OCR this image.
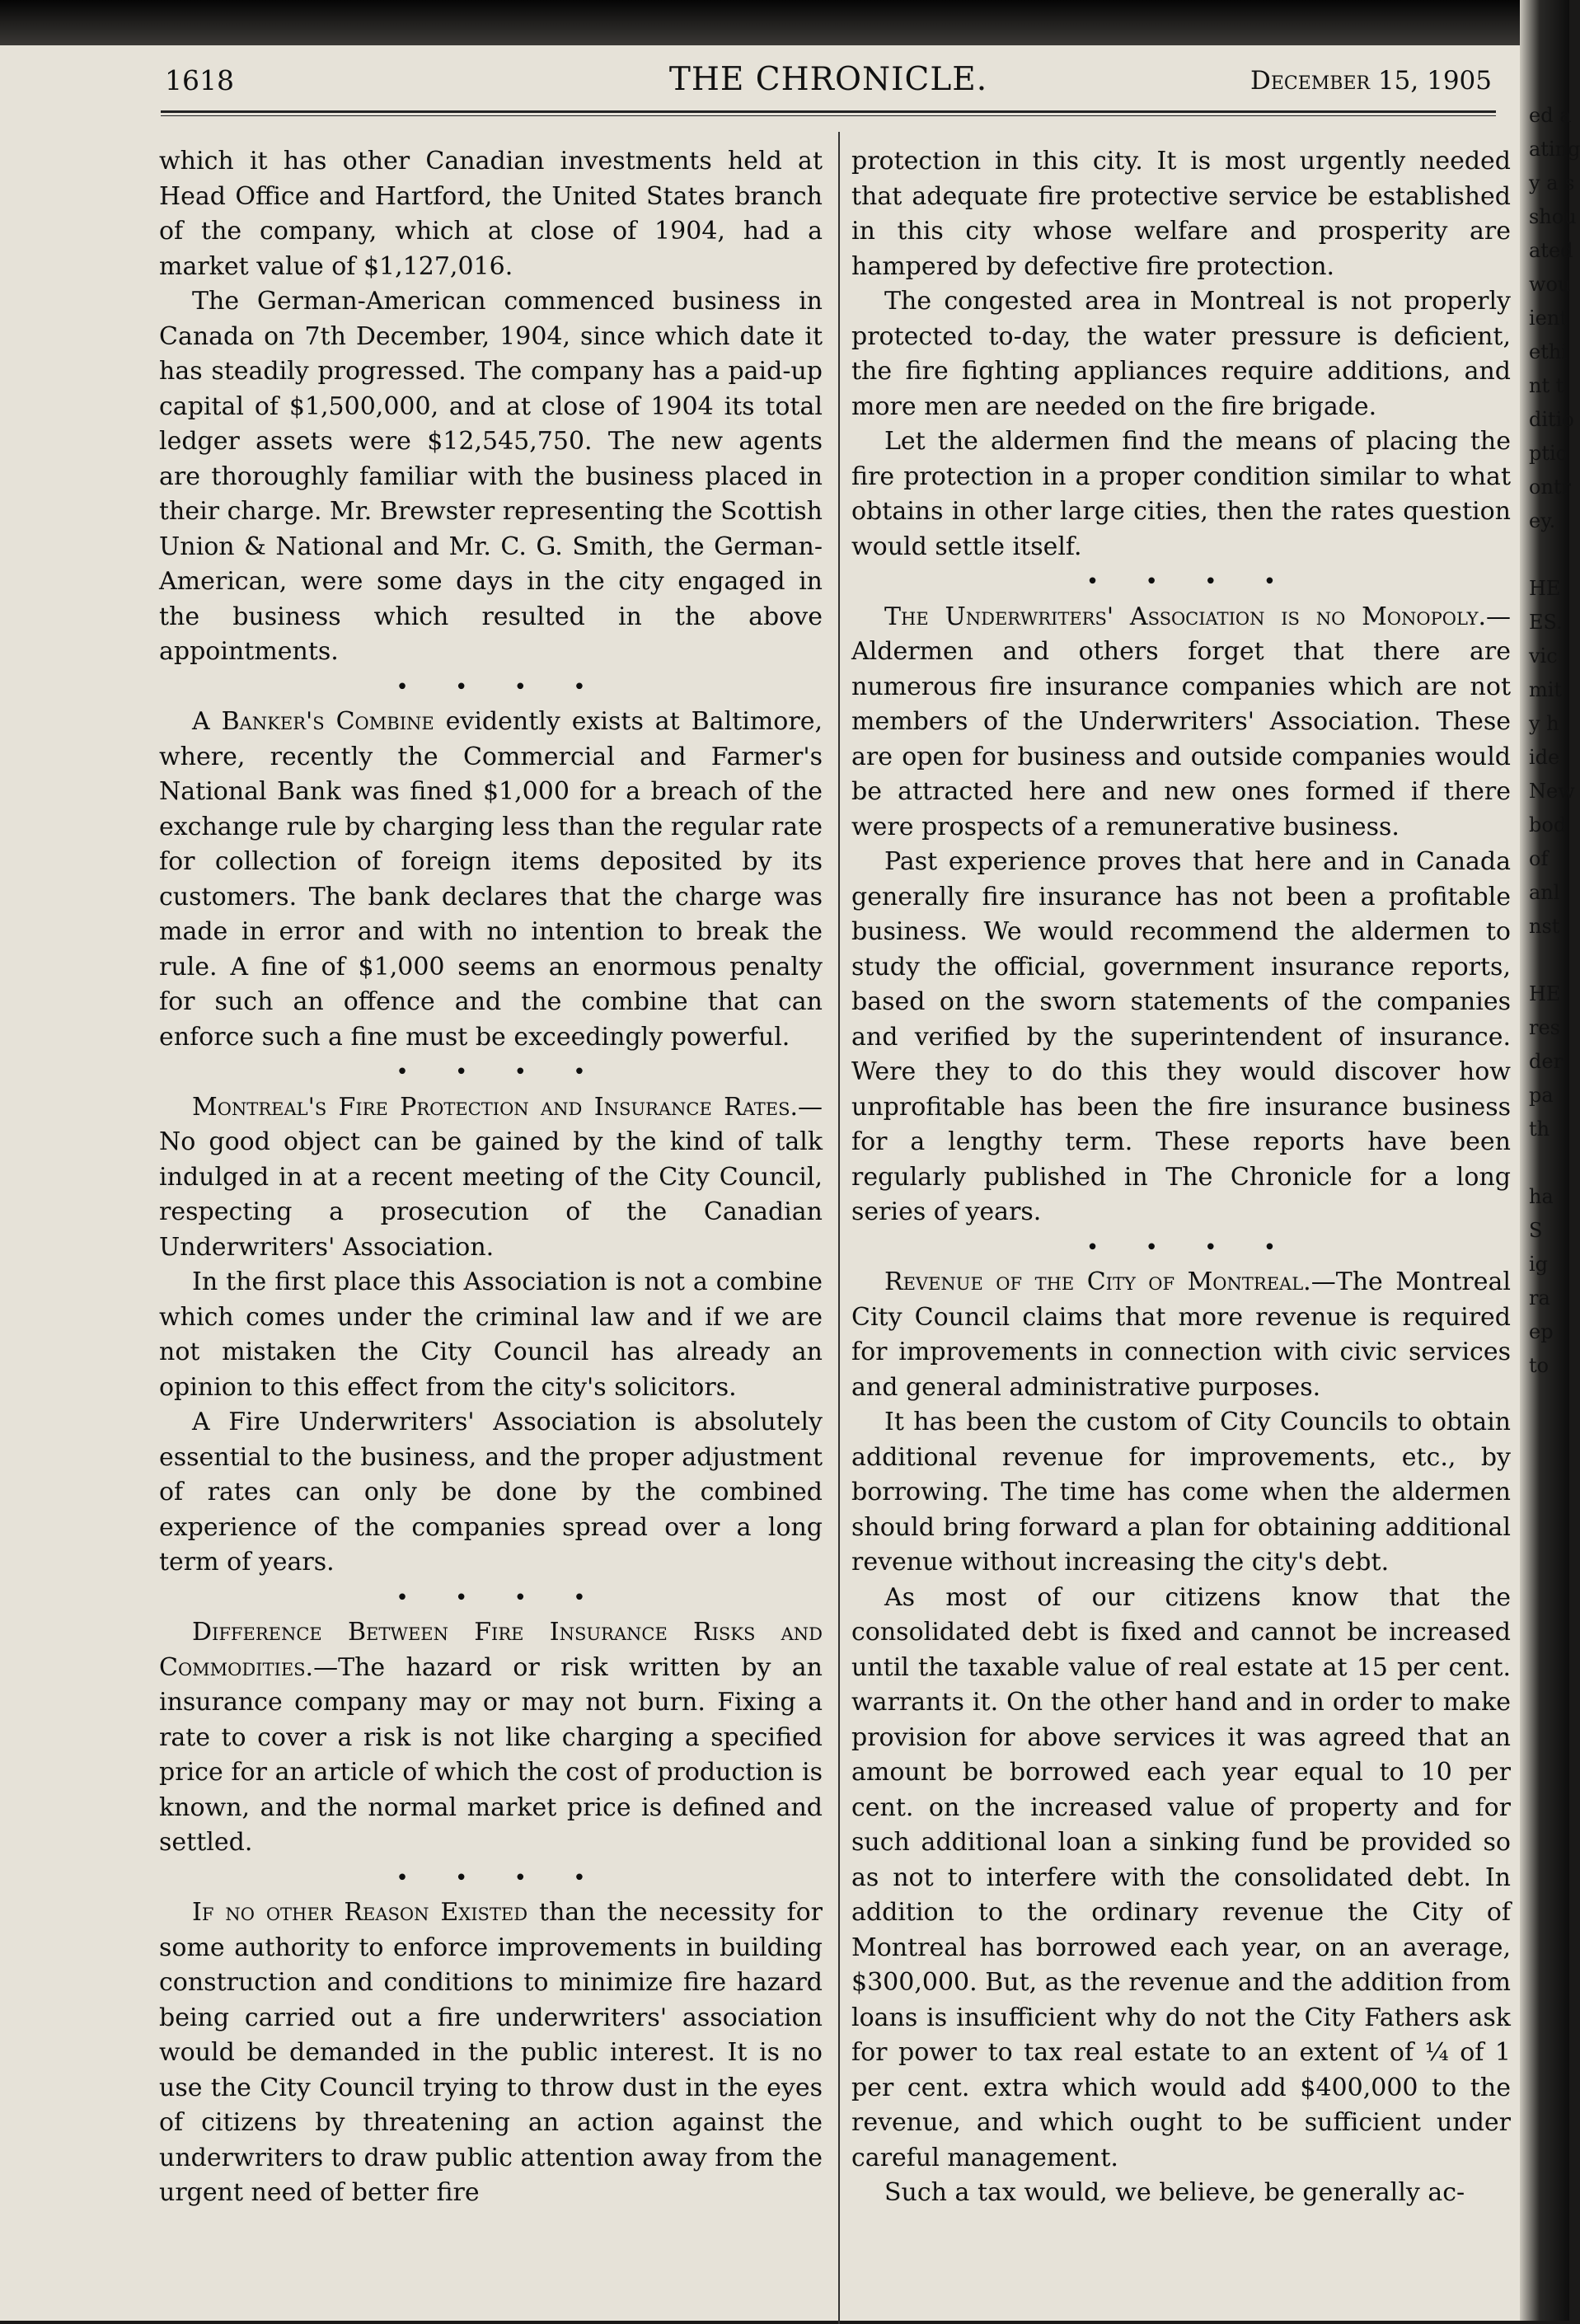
ed a
ating
y a s
shou
ated
wou
ient
ethi
nt t
ditio
ptio
ontr
ey.

HE
ES.
vic
mit
y h
ide
New
bod
of
anl
nst

HE
res
der
pa
th

ha
S
ig
ra
ep
to
1618	THE CHRONICLE.	December 15, 1905

which it has other Canadian investments held at Head Office and Hartford, the United States branch of the company, which at close of 1904, had a market value of $1,127,016.

The German-American commenced business in Canada on 7th December, 1904, since which date it has steadily progressed. The company has a paid-up capital of $1,500,000, and at close of 1904 its total ledger assets were $12,545,750. The new agents are thoroughly familiar with the business placed in their charge. Mr. Brewster representing the Scottish Union & National and Mr. C. G. Smith, the German-American, were some days in the city engaged in the business which resulted in the above appointments.

• • • •

A Banker's Combine evidently exists at Baltimore, where, recently the Commercial and Farmer's National Bank was fined $1,000 for a breach of the exchange rule by charging less than the regular rate for collection of foreign items deposited by its customers. The bank declares that the charge was made in error and with no intention to break the rule. A fine of $1,000 seems an enormous penalty for such an offence and the combine that can enforce such a fine must be exceedingly powerful.

• • • •

Montreal's Fire Protection and Insurance Rates.—No good object can be gained by the kind of talk indulged in at a recent meeting of the City Council, respecting a prosecution of the Canadian Underwriters' Association.

In the first place this Association is not a combine which comes under the criminal law and if we are not mistaken the City Council has already an opinion to this effect from the city's solicitors.

A Fire Underwriters' Association is absolutely essential to the business, and the proper adjustment of rates can only be done by the combined experience of the companies spread over a long term of years.

• • • •

Difference Between Fire Insurance Risks and Commodities.—The hazard or risk written by an insurance company may or may not burn. Fixing a rate to cover a risk is not like charging a specified price for an article of which the cost of production is known, and the normal market price is defined and settled.

• • • •

If no other Reason Existed than the necessity for some authority to enforce improvements in building construction and conditions to minimize fire hazard being carried out a fire underwriters' association would be demanded in the public interest. It is no use the City Council trying to throw dust in the eyes of citizens by threatening an action against the underwriters to draw public attention away from the urgent need of better fire

protection in this city. It is most urgently needed that adequate fire protective service be established in this city whose welfare and prosperity are hampered by defective fire protection.

The congested area in Montreal is not properly protected to-day, the water pressure is deficient, the fire fighting appliances require additions, and more men are needed on the fire brigade.

Let the aldermen find the means of placing the fire protection in a proper condition similar to what obtains in other large cities, then the rates question would settle itself.

• • • •

The Underwriters' Association is no Monopoly.—Aldermen and others forget that there are numerous fire insurance companies which are not members of the Underwriters' Association. These are open for business and outside companies would be attracted here and new ones formed if there were prospects of a remunerative business.

Past experience proves that here and in Canada generally fire insurance has not been a profitable business. We would recommend the aldermen to study the official, government insurance reports, based on the sworn statements of the companies and verified by the superintendent of insurance. Were they to do this they would discover how unprofitable has been the fire insurance business for a lengthy term. These reports have been regularly published in The Chronicle for a long series of years.

• • • •

Revenue of the City of Montreal.—The Montreal City Council claims that more revenue is required for improvements in connection with civic services and general administrative purposes.

It has been the custom of City Councils to obtain additional revenue for improvements, etc., by borrowing. The time has come when the aldermen should bring forward a plan for obtaining additional revenue without increasing the city's debt.

As most of our citizens know that the consolidated debt is fixed and cannot be increased until the taxable value of real estate at 15 per cent. warrants it. On the other hand and in order to make provision for above services it was agreed that an amount be borrowed each year equal to 10 per cent. on the increased value of property and for such additional loan a sinking fund be provided so as not to interfere with the consolidated debt. In addition to the ordinary revenue the City of Montreal has borrowed each year, on an average, $300,000. But, as the revenue and the addition from loans is insufficient why do not the City Fathers ask for power to tax real estate to an extent of ¼ of 1 per cent. extra which would add $400,000 to the revenue, and which ought to be sufficient under careful management.

Such a tax would, we believe, be generally ac-
